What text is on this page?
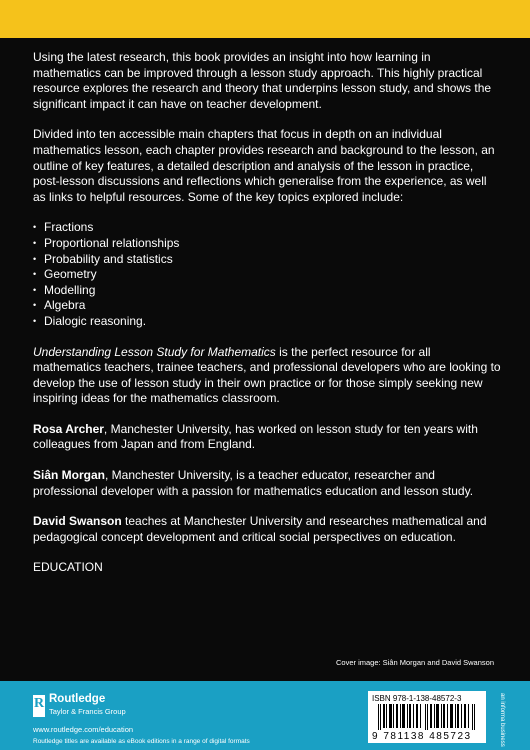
Using the latest research, this book provides an insight into how learning in mathematics can be improved through a lesson study approach. This highly practical resource explores the research and theory that underpins lesson study, and shows the significant impact it can have on teacher development.

Divided into ten accessible main chapters that focus in depth on an individual mathematics lesson, each chapter provides research and background to the lesson, an outline of key features, a detailed description and analysis of the lesson in practice, post-lesson discussions and reflections which generalise from the experience, as well as links to helpful resources. Some of the key topics explored include:

• Fractions
• Proportional relationships
• Probability and statistics
• Geometry
• Modelling
• Algebra
• Dialogic reasoning.

Understanding Lesson Study for Mathematics is the perfect resource for all mathematics teachers, trainee teachers, and professional developers who are looking to develop the use of lesson study in their own practice or for those simply seeking new inspiring ideas for the mathematics classroom.

Rosa Archer, Manchester University, has worked on lesson study for ten years with colleagues from Japan and from England.

Siân Morgan, Manchester University, is a teacher educator, researcher and professional developer with a passion for mathematics education and lesson study.

David Swanson teaches at Manchester University and researches mathematical and pedagogical concept development and critical social perspectives on education.

EDUCATION

Cover image: Siân Morgan and David Swanson
R Routledge
Taylor & Francis Group
www.routledge.com/education
Routledge titles are available as eBook editions in a range of digital formats
ISBN 978-1-138-48572-3
9 781138 485723	an informa business
